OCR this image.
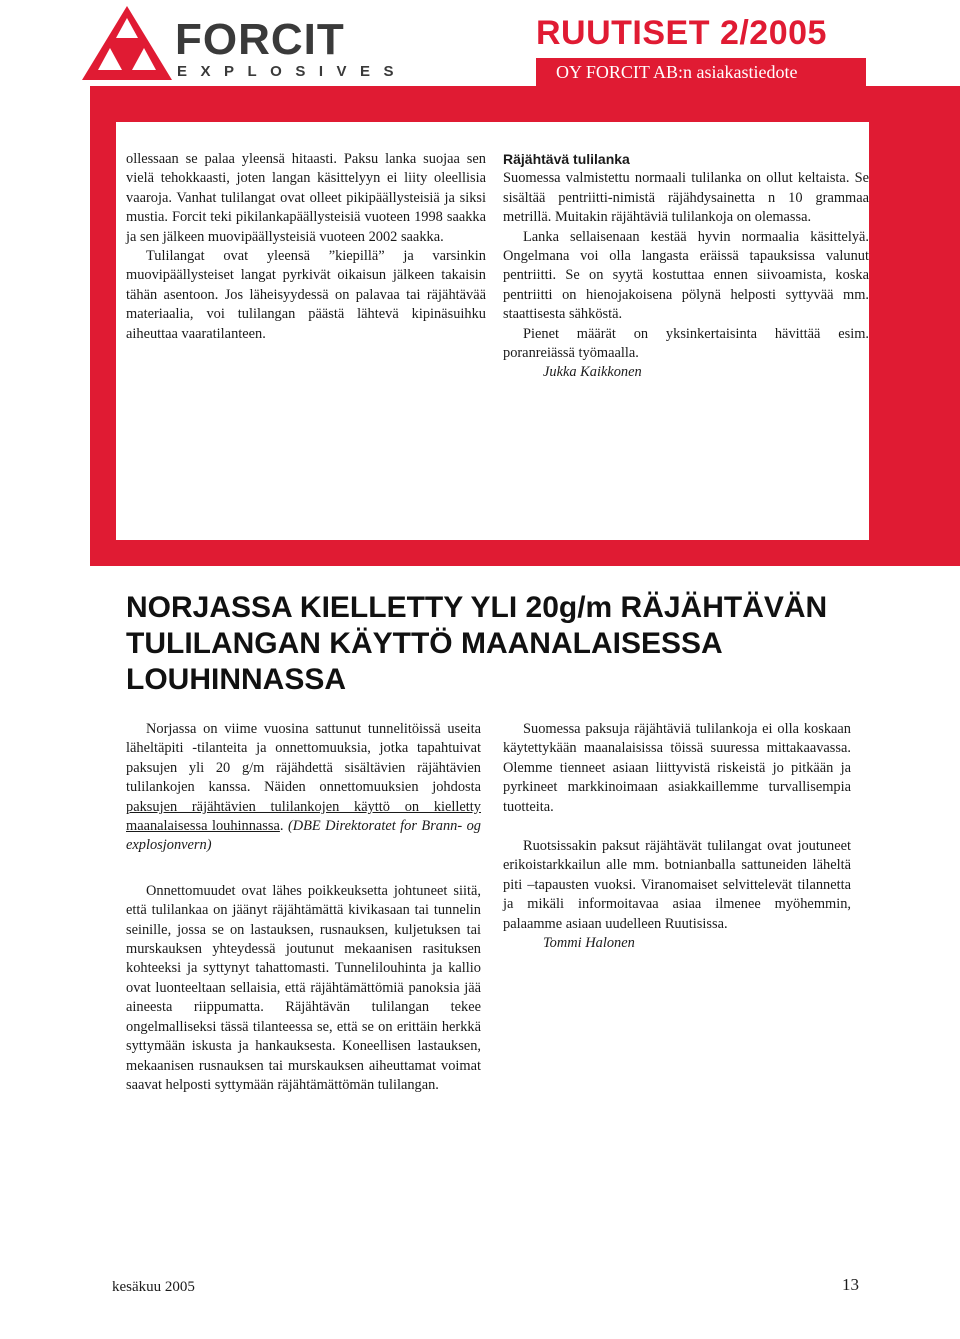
FORCIT
EXPLOSIVES
RUUTISET 2/2005
OY FORCIT AB:n asiakastiedote

ollessaan se palaa yleensä hitaasti. Paksu lanka suojaa sen vielä tehokkaasti, joten langan käsittelyyn ei liity oleellisia vaaroja. Vanhat tulilangat ovat olleet pikipäällysteisiä ja siksi mustia. Forcit teki pikilankapäällysteisiä vuoteen 1998 saakka ja sen jälkeen muovipäällysteisiä vuoteen 2002 saakka.

Tulilangat ovat yleensä ”kiepillä” ja varsinkin muovipäällysteiset langat pyrkivät oikaisun jälkeen takaisin tähän asentoon. Jos läheisyydessä on palavaa tai räjähtävää materiaalia, voi tulilangan päästä lähtevä kipinäsuihku aiheuttaa vaaratilanteen.

Räjähtävä tulilanka

Suomessa valmistettu normaali tulilanka on ollut keltaista. Se sisältää pentriitti-nimistä räjähdysainetta n 10 grammaa metrillä. Muitakin räjähtäviä tulilankoja on olemassa.

Lanka sellaisenaan kestää hyvin normaalia käsittelyä. Ongelmana voi olla langasta eräissä tapauksissa valunut pentriitti. Se on syytä kostuttaa ennen siivoamista, koska pentriitti on hienojakoisena pölynä helposti syttyvää mm. staattisesta sähköstä.

Pienet määrät on yksinkertaisinta hävittää esim. poranreiässä työmaalla.

Jukka Kaikkonen

NORJASSA KIELLETTY YLI 20g/m RÄJÄHTÄVÄN
TULILANGAN KÄYTTÖ MAANALAISESSA
LOUHINNASSA

Norjassa on viime vuosina sattunut tunnelitöissä useita läheltäpiti -tilanteita ja onnettomuuksia, jotka tapahtuivat paksujen yli 20 g/m räjähdettä sisältävien räjähtävien tulilankojen kanssa. Näiden onnettomuuksien johdosta paksujen räjähtävien tulilankojen käyttö on kielletty maanalaisessa louhinnassa. (DBE Direktoratet for Brann- og explosjonvern)

Onnettomuudet ovat lähes poikkeuksetta johtuneet siitä, että tulilankaa on jäänyt räjähtämättä kivikasaan tai tunnelin seinille, jossa se on lastauksen, rusnauksen, kuljetuksen tai murskauksen yhteydessä joutunut mekaanisen rasituksen kohteeksi ja syttynyt tahattomasti. Tunnelilouhinta ja kallio ovat luonteeltaan sellaisia, että räjähtämättömiä panoksia jää aineesta riippumatta. Räjähtävän tulilangan tekee ongelmalliseksi tässä tilanteessa se, että se on erittäin herkkä syttymään iskusta ja hankauksesta. Koneellisen lastauksen, mekaanisen rusnauksen tai murskauksen aiheuttamat voimat saavat helposti syttymään räjähtämättömän tulilangan.

Suomessa paksuja räjähtäviä tulilankoja ei olla koskaan käytettykään maanalaisissa töissä suuressa mittakaavassa. Olemme tienneet asiaan liittyvistä riskeistä jo pitkään ja pyrkineet markkinoimaan asiakkaillemme turvallisempia tuotteita.

Ruotsissakin paksut räjähtävät tulilangat ovat joutuneet erikoistarkkailun alle mm. botnianballa sattuneiden läheltä piti –tapausten vuoksi. Viranomaiset selvittelevät tilannetta ja mikäli informoitavaa asiaa ilmenee myöhemmin, palaamme asiaan uudelleen Ruutisissa.

Tommi Halonen

kesäkuu 2005	13
